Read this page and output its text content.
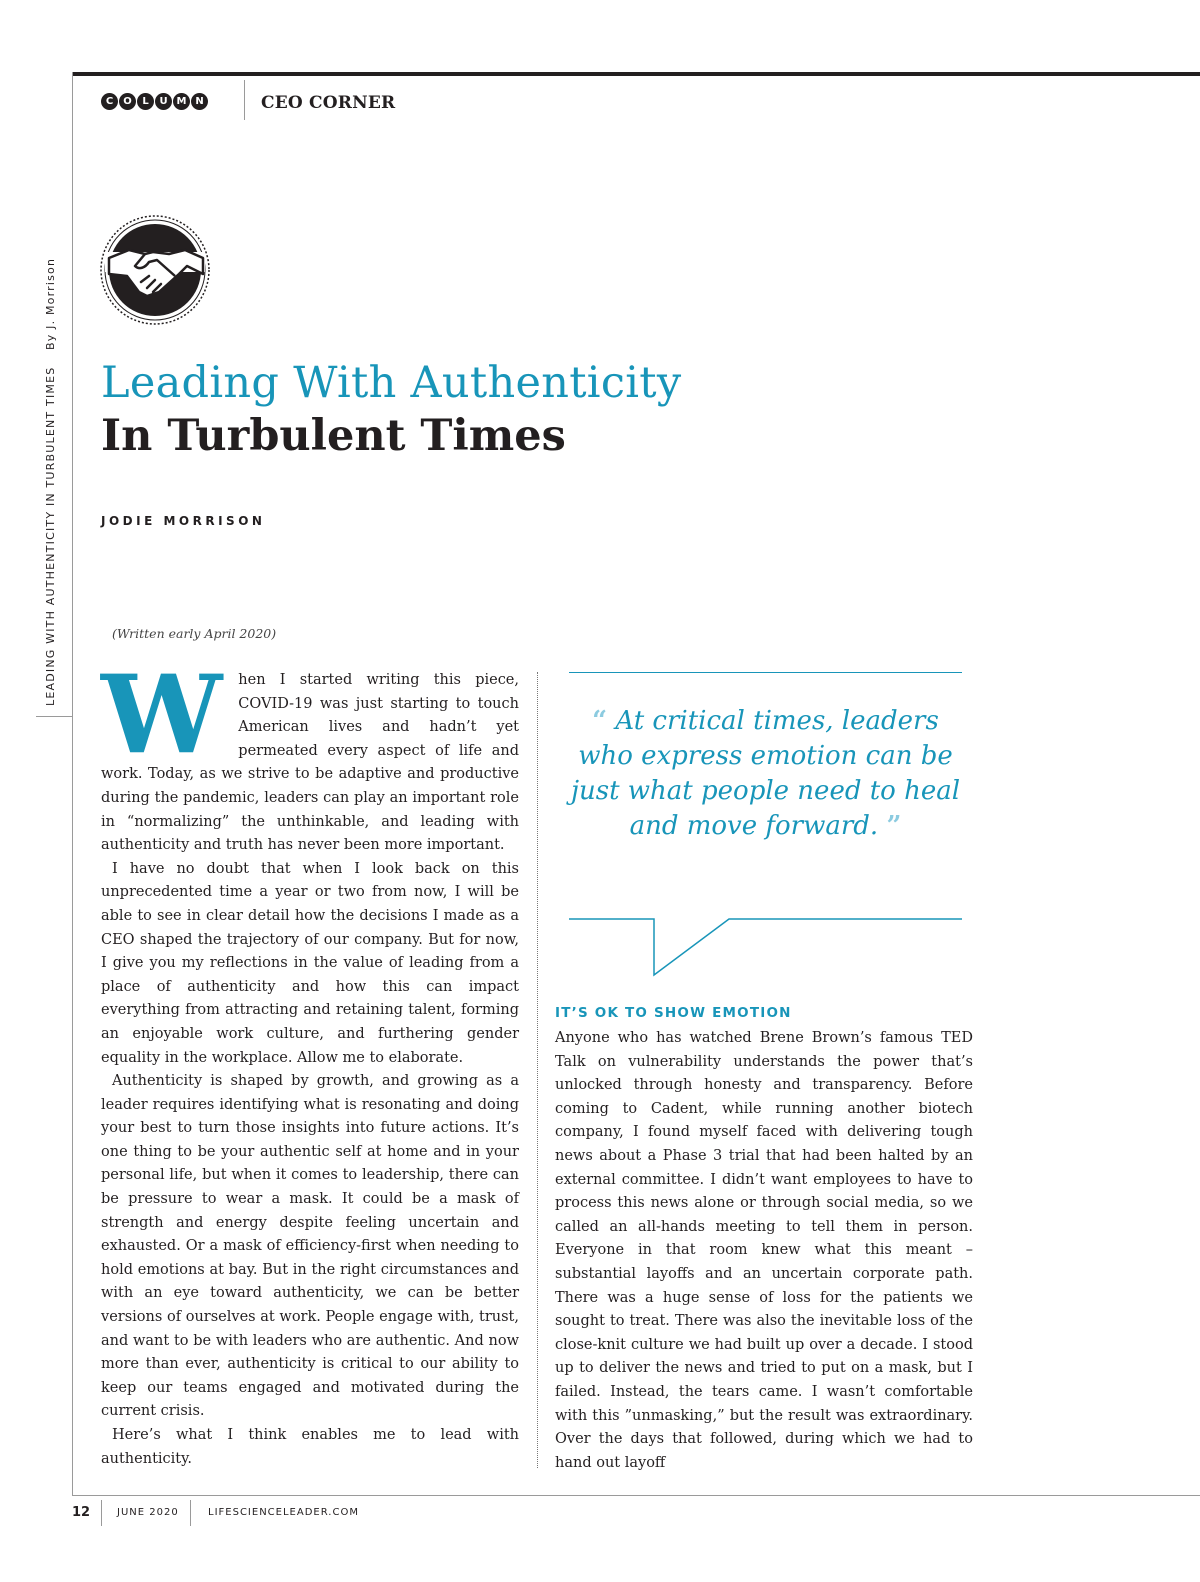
C	O	L	U M N	CEO CORNER
LEADING WITH AUTHENTICITY IN TURBULENT TIMES
By J. Morrison
Leading With Authenticity
In Turbulent Times
JODIE MORRISON
(Written early April 2020)

W hen I started writing this piece, COVID-19 was just starting to touch American lives and hadn’t yet permeated every aspect of life and work. Today, as we strive to be adaptive and productive during the pandemic, leaders can play an important role in “normalizing” the unthinkable, and leading with authenticity and truth has never been more important.

I have no doubt that when I look back on this unprecedented time a year or two from now, I will be able to see in clear detail how the decisions I made as a CEO shaped the trajectory of our company. But for now, I give you my reflections in the value of leading from a place of authenticity and how this can impact everything from attracting and retaining talent, forming an enjoyable work culture, and furthering gender equality in the workplace. Allow me to elaborate.

Authenticity is shaped by growth, and growing as a leader requires identifying what is resonating and doing your best to turn those insights into future actions. It’s one thing to be your authentic self at home and in your personal life, but when it comes to leadership, there can be pressure to wear a mask. It could be a mask of strength and energy despite feeling uncertain and exhausted. Or a mask of efficiency-first when needing to hold emotions at bay. But in the right circumstances and with an eye toward authenticity, we can be better versions of ourselves at work. People engage with, trust, and want to be with leaders who are authentic. And now more than ever, authenticity is critical to our ability to keep our teams engaged and motivated during the current crisis.

Here’s what I think enables me to lead with authenticity.

“ At critical times, leaders who express emotion can be just what people need to heal and move forward. ”
IT’S OK TO SHOW EMOTION

Anyone who has watched Brene Brown’s famous TED Talk on vulnerability understands the power that’s unlocked through honesty and transparency. Before coming to Cadent, while running another biotech company, I found myself faced with delivering tough news about a Phase 3 trial that had been halted by an external committee. I didn’t want employees to have to process this news alone or through social media, so we called an all-hands meeting to tell them in person. Everyone in that room knew what this meant – substantial layoffs and an uncertain corporate path. There was a huge sense of loss for the patients we sought to treat. There was also the inevitable loss of the close-knit culture we had built up over a decade. I stood up to deliver the news and tried to put on a mask, but I failed. Instead, the tears came. I wasn’t comfortable with this ”unmasking,” but the result was extraordinary. Over the days that followed, during which we had to hand out layoff

12	JUNE 2020	LIFESCIENCELEADER.COM
